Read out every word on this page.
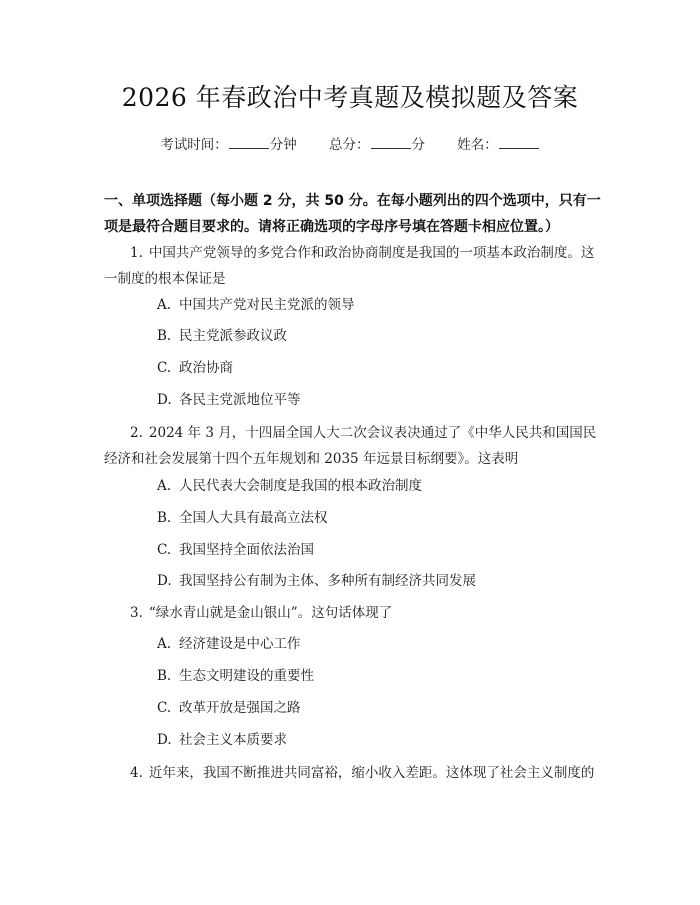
2026 年春政治中考真题及模拟题及答案
考试时间：	分钟 总分：	分 姓名：
一、单项选择题（每小题 2 分，共 50 分。在每小题列出的四个选项中，只有一项是最符合题目要求的。请将正确选项的字母序号填在答题卡相应位置。）
1. 中国共产党领导的多党合作和政治协商制度是我国的一项基本政治制度。这一制度的根本保证是
A. 中国共产党对民主党派的领导
B. 民主党派参政议政
C. 政治协商
D. 各民主党派地位平等
2. 2024 年 3 月，十四届全国人大二次会议表决通过了《中华人民共和国国民经济和社会发展第十四个五年规划和 2035 年远景目标纲要》。这表明
A. 人民代表大会制度是我国的根本政治制度
B. 全国人大具有最高立法权
C. 我国坚持全面依法治国
D. 我国坚持公有制为主体、多种所有制经济共同发展
3. “绿水青山就是金山银山”。这句话体现了
A. 经济建设是中心工作
B. 生态文明建设的重要性
C. 改革开放是强国之路
D. 社会主义本质要求
4. 近年来，我国不断推进共同富裕，缩小收入差距。这体现了社会主义制度的
